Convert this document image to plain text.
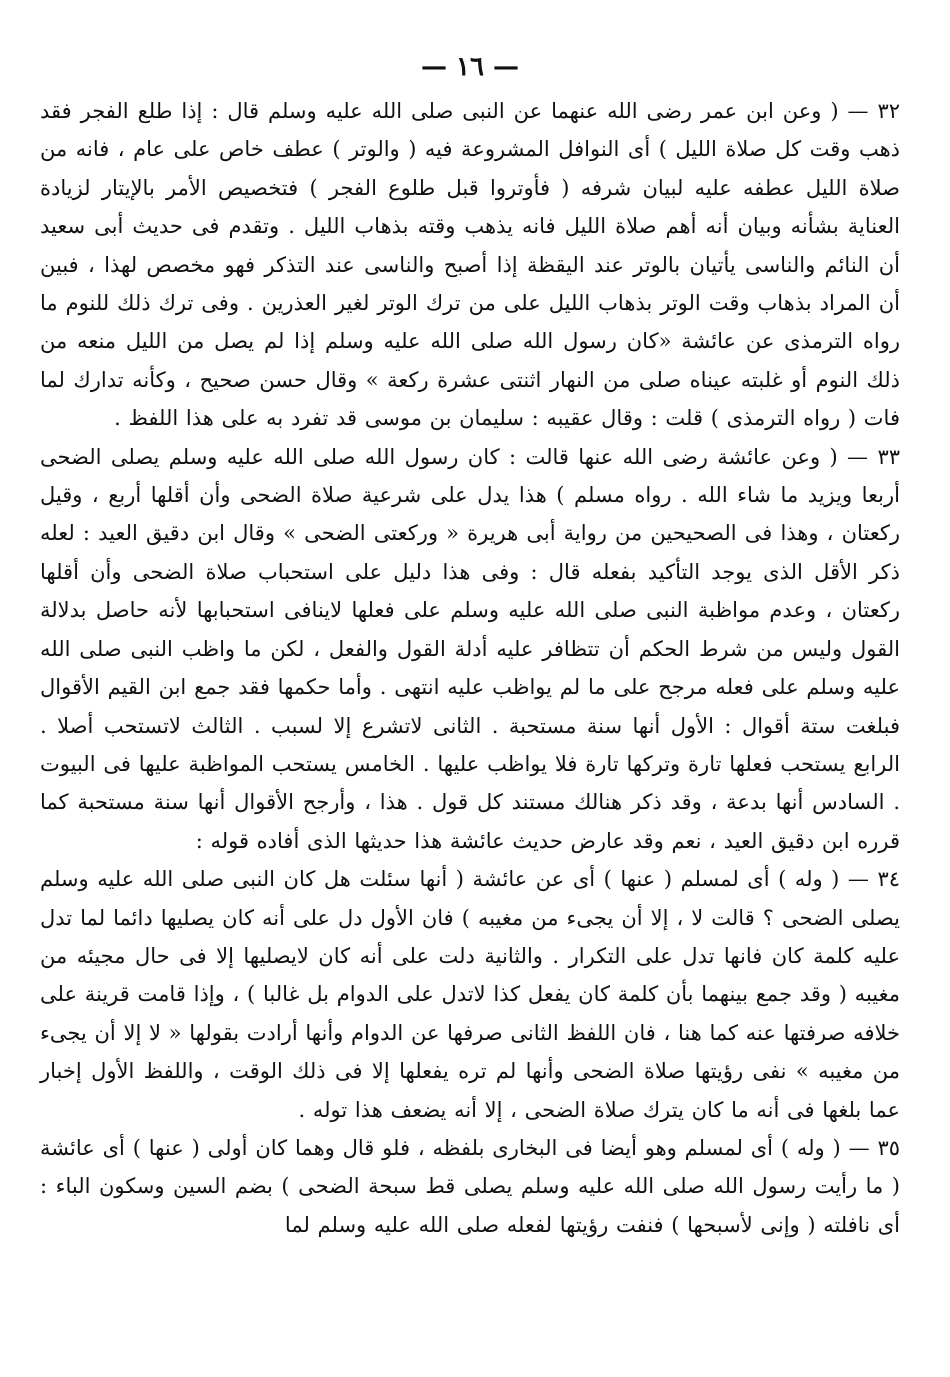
— ١٦ —

٣٢ — ( وعن ابن عمر رضى الله عنهما عن النبى صلى الله عليه وسلم قال : إذا طلع الفجر فقد ذهب وقت كل صلاة الليل ) أى النوافل المشروعة فيه ( والوتر ) عطف خاص على عام ، فانه من صلاة الليل عطفه عليه لبيان شرفه ( فأوتروا قبل طلوع الفجر ) فتخصيص الأمر بالإيتار لزيادة العناية بشأنه وبيان أنه أهم صلاة الليل فانه يذهب وقته بذهاب الليل . وتقدم فى حديث أبى سعيد أن النائم والناسى يأتيان بالوتر عند اليقظة إذا أصبح والناسى عند التذكر فهو مخصص لهذا ، فبين أن المراد بذهاب وقت الوتر بذهاب الليل على من ترك الوتر لغير العذرين . وفى ترك ذلك للنوم ما رواه الترمذى عن عائشة «كان رسول الله صلى الله عليه وسلم إذا لم يصل من الليل منعه من ذلك النوم أو غلبته عيناه صلى من النهار اثنتى عشرة ركعة » وقال حسن صحيح ، وكأنه تدارك لما فات ( رواه الترمذى ) قلت : وقال عقيبه : سليمان بن موسى قد تفرد به على هذا اللفظ .

٣٣ — ( وعن عائشة رضى الله عنها قالت : كان رسول الله صلى الله عليه وسلم يصلى الضحى أربعا ويزيد ما شاء الله . رواه مسلم ) هذا يدل على شرعية صلاة الضحى وأن أقلها أربع ، وقيل ركعتان ، وهذا فى الصحيحين من رواية أبى هريرة « وركعتى الضحى » وقال ابن دقيق العيد : لعله ذكر الأقل الذى يوجد التأكيد بفعله قال : وفى هذا دليل على استحباب صلاة الضحى وأن أقلها ركعتان ، وعدم مواظبة النبى صلى الله عليه وسلم على فعلها لاينافى استحبابها لأنه حاصل بدلالة القول وليس من شرط الحكم أن تتظافر عليه أدلة القول والفعل ، لكن ما واظب النبى صلى الله عليه وسلم على فعله مرجح على ما لم يواظب عليه انتهى . وأما حكمها فقد جمع ابن القيم الأقوال فبلغت ستة أقوال : الأول أنها سنة مستحبة . الثانى لاتشرع إلا لسبب . الثالث لاتستحب أصلا . الرابع يستحب فعلها تارة وتركها تارة فلا يواظب عليها . الخامس يستحب المواظبة عليها فى البيوت . السادس أنها بدعة ، وقد ذكر هنالك مستند كل قول . هذا ، وأرجح الأقوال أنها سنة مستحبة كما قرره ابن دقيق العيد ، نعم وقد عارض حديث عائشة هذا حديثها الذى أفاده قوله :

٣٤ — ( وله ) أى لمسلم ( عنها ) أى عن عائشة ( أنها سئلت هل كان النبى صلى الله عليه وسلم يصلى الضحى ؟ قالت لا ، إلا أن يجىء من مغيبه ) فان الأول دل على أنه كان يصليها دائما لما تدل عليه كلمة كان فانها تدل على التكرار . والثانية دلت على أنه كان لايصليها إلا فى حال مجيئه من مغيبه ( وقد جمع بينهما بأن كلمة كان يفعل كذا لاتدل على الدوام بل غالبا ) ، وإذا قامت قرينة على خلافه صرفتها عنه كما هنا ، فان اللفظ الثانى صرفها عن الدوام وأنها أرادت بقولها « لا إلا أن يجىء من مغيبه » نفى رؤيتها صلاة الضحى وأنها لم تره يفعلها إلا فى ذلك الوقت ، واللفظ الأول إخبار عما بلغها فى أنه ما كان يترك صلاة الضحى ، إلا أنه يضعف هذا توله .

٣٥ — ( وله ) أى لمسلم وهو أيضا فى البخارى بلفظه ، فلو قال وهما كان أولى ( عنها ) أى عائشة ( ما رأيت رسول الله صلى الله عليه وسلم يصلى قط سبحة الضحى ) بضم السين وسكون الباء : أى نافلته ( وإنى لأسبحها ) فنفت رؤيتها لفعله صلى الله عليه وسلم لما
